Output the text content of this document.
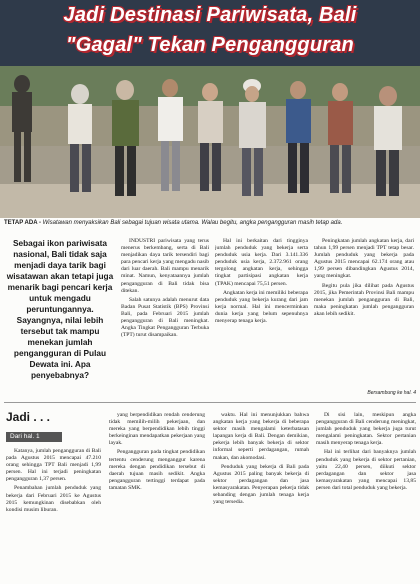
Jadi Destinasi Pariwisata, Bali
"Gagal" Tekan Pengangguran
TETAP ADA - Wisatawan menyaksikan Bali sebagai tujuan wisata utama. Walau begitu, angka pengangguran masih tetap ada.
Sebagai ikon pariwisata nasional, Bali tidak saja menjadi daya tarik bagi wisatawan akan tetapi juga menarik bagi pencari kerja untuk mengadu peruntungannya. Sayangnya, nilai lebih tersebut tak mampu menekan jumlah pengangguran di Pulau Dewata ini. Apa penyebabnya?

INDUSTRI pariwisata yang terus menerus berkembang, serta di Bali menjadikan daya tarik tersendiri bagi para pencari kerja yang mengadu nasib dari luar daerah. Bali mampu menarik minat. Namun, kenyataannya jumlah pengangguran di Bali tidak bisa ditekan.

Salah satunya adalah menurut data Badan Pusat Statistik (BPS) Provinsi Bali, pada Februari 2015 jumlah pengangguran di Bali meningkat. Angka Tingkat Pengangguran Terbuka (TPT) turut disampaikan.

Hal ini berkaitan dari tingginya jumlah penduduk yang bekerja serta penduduk usia kerja. Dari 3.141.336 penduduk usia kerja, 2.372.961 orang tergolong angkatan kerja, sehingga tingkat partisipasi angkatan kerja (TPAK) mencapai 75,51 persen.

Angkatan kerja ini memiliki beberapa penduduk yang bekerja kurang dari jam kerja normal. Hal ini mencerminkan dunia kerja yang belum sepenuhnya menyerap tenaga kerja.

Peningkatan jumlah angkatan kerja, dari tahun 1,99 persen menjadi TPT tetap besar. Jumlah penduduk yang bekerja pada Agustus 2015 mencapai 62.174 orang atau 1,99 persen dibandingkan Agustus 2014, yang meningkat.

Begitu pula jika dilihat pada Agustus 2015, jika Pemerintah Provinsi Bali mampu menekan jumlah pengangguran di Bali, maka peningkatan jumlah pengangguran akan lebih sedikit.

Bersambung ke hal. 4
Jadi . . .
Dari hal. 1

Katanya, jumlah pengangguran di Bali pada Agustus 2015 mencapai 47.210 orang sehingga TPT Bali menjadi 1,99 persen. Hal ini terjadi peningkatan pengangguran 1,37 persen.

Penambahan jumlah penduduk yang bekerja dari Februari 2015 ke Agustus 2015 kemungkinan disebabkan oleh kondisi musim liburan.

yang berpendidikan rendah cenderung tidak memilih-milih pekerjaan, dan mereka yang berpendidikan lebih tinggi berkeinginan mendapatkan pekerjaan yang layak.

Pengangguran pada tingkat pendidikan tertentu cenderung menganggur karena mereka dengan pendidikan tersebut di daerah tujuan masih sedikit. Angka pengangguran tertinggi terdapat pada tamatan SMK.

waktu. Hal ini menunjukkan bahwa angkatan kerja yang bekerja di beberapa sektor masih mengalami keterbatasan lapangan kerja di Bali. Dengan demikian, pekerja lebih banyak bekerja di sektor informal seperti perdagangan, rumah makan, dan akomodasi.

Penduduk yang bekerja di Bali pada Agustus 2015 paling banyak bekerja di sektor perdagangan dan jasa kemasyarakatan. Penyerapan pekerja tidak sebanding dengan jumlah tenaga kerja yang tersedia.

Di sisi lain, meskipun angka pengangguran di Bali cenderung meningkat, jumlah penduduk yang bekerja juga turut mengalami peningkatan. Sektor pertanian masih menyerap tenaga kerja.

Hal ini terlihat dari banyaknya jumlah penduduk yang bekerja di sektor pertanian, yaitu 22,40 persen, diikuti sektor perdagangan dan sektor jasa kemasyarakatan yang mencapai 13,85 persen dari total penduduk yang bekerja.
